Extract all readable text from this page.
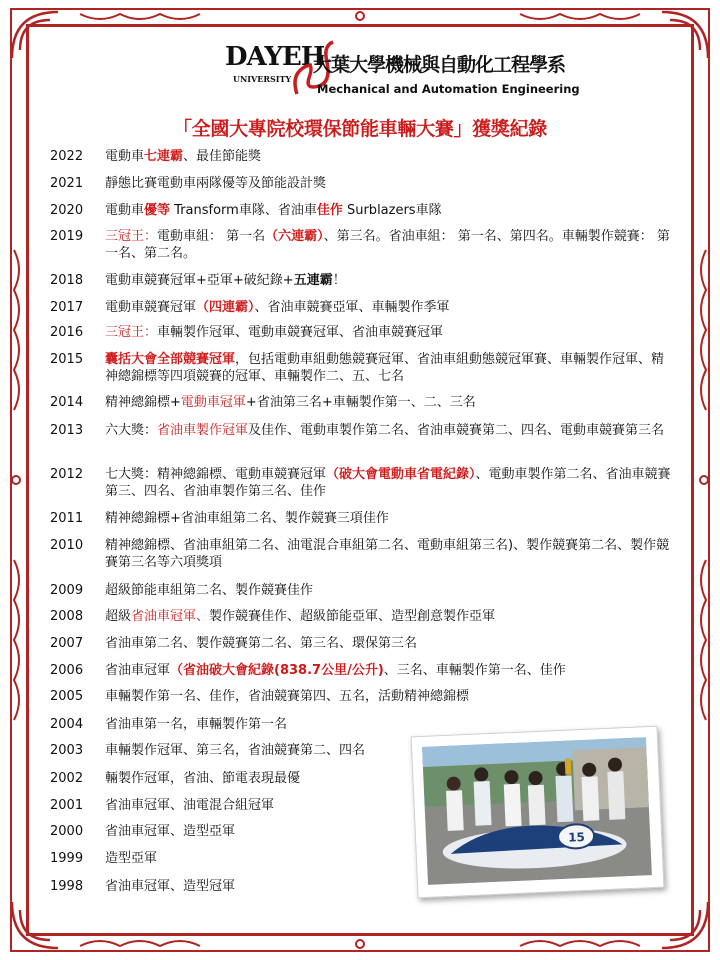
DAYEH
UNIVERSITY
大葉大學機械與自動化工程學系
Mechanical and Automation Engineering
「全國大專院校環保節能車輛大賽」獲獎紀錄
2022	電動車七連霸、最佳節能獎
2021	靜態比賽電動車兩隊優等及節能設計獎
2020	電動車優等 Transform車隊、省油車佳作 Surblazers車隊
2019	三冠王：電動車組： 第一名（六連霸）、第三名。省油車組： 第一名、第四名。車輛製作競賽： 第一名、第二名。
2018	電動車競賽冠軍+亞軍+破紀錄+五連霸！
2017	電動車競賽冠軍（四連霸）、省油車競賽亞軍、車輛製作季軍
2016	三冠王：車輛製作冠軍、電動車競賽冠軍、省油車競賽冠軍
2015	囊括大會全部競賽冠軍，包括電動車組動態競賽冠軍、省油車組動態競冠軍賽、車輛製作冠軍、精神總錦標等四項競賽的冠軍、車輛製作二、五、七名
2014	精神總錦標+電動車冠軍+省油第三名+車輛製作第一、二、三名
2013	六大獎：省油車製作冠軍及佳作、電動車製作第二名、省油車競賽第二、四名、電動車競賽第三名
2012	七大獎：精神總錦標、電動車競賽冠軍（破大會電動車省電紀錄）、電動車製作第二名、省油車競賽第三、四名、省油車製作第三名、佳作
2011	精神總錦標+省油車組第二名、製作競賽三項佳作
2010	精神總錦標、省油車組第二名、油電混合車組第二名、電動車組第三名)、製作競賽第二名、製作競賽第三名等六項獎項
2009	超級節能車組第二名、製作競賽佳作
2008	超級省油車冠軍、製作競賽佳作、超級節能亞軍、造型創意製作亞軍
2007	省油車第二名、製作競賽第二名、第三名、環保第三名
2006	省油車冠軍（省油破大會紀錄(838.7公里/公升)、三名、車輛製作第一名、佳作
2005	車輛製作第一名、佳作，省油競賽第四、五名，活動精神總錦標
2004	省油車第一名，車輛製作第一名
2003	車輛製作冠軍、第三名，省油競賽第二、四名
2002	輛製作冠軍，省油、節電表現最優
2001	省油車冠軍、油電混合組冠軍
2000	省油車冠軍、造型亞軍
1999	造型亞軍
1998	省油車冠軍、造型冠軍
15
